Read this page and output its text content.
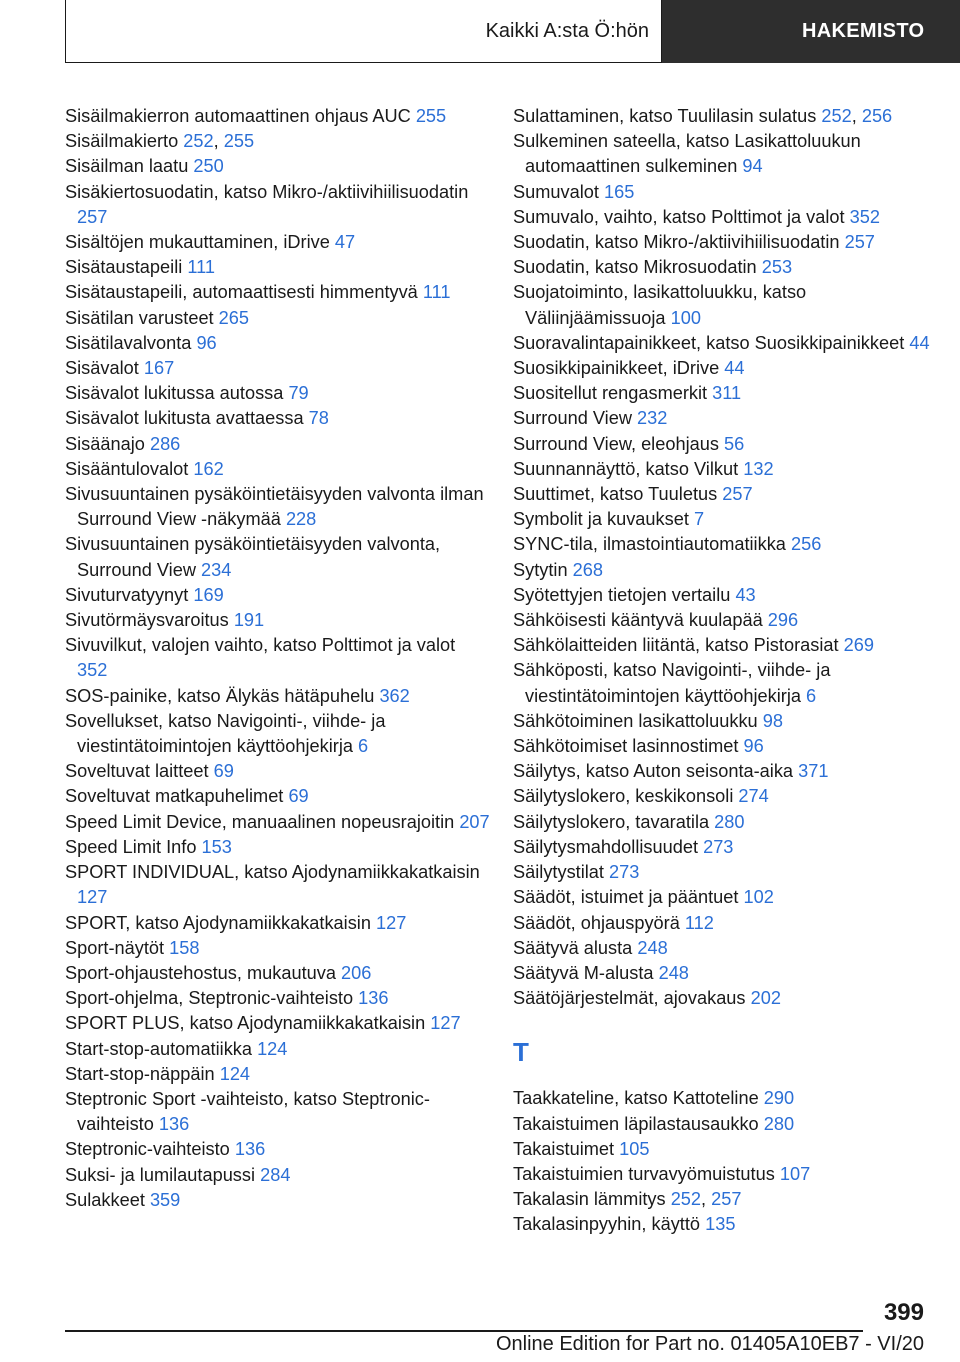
Kaikki A:sta Ö:hön	HAKEMISTO

Sisäilmakierron automaattinen ohjaus AUC 255

Sisäilmakierto 252, 255

Sisäilman laatu 250

Sisäkiertosuodatin, katso Mikro-/aktiivihiilisuodatin 257

Sisältöjen mukauttaminen, iDrive 47

Sisätaustapeili 111

Sisätaustapeili, automaattisesti himmentyvä 111

Sisätilan varusteet 265

Sisätilavalvonta 96

Sisävalot 167

Sisävalot lukitussa autossa 79

Sisävalot lukitusta avattaessa 78

Sisäänajo 286

Sisääntulovalot 162

Sivusuuntainen pysäköintietäisyyden valvonta ilman Surround View -näkymää 228

Sivusuuntainen pysäköintietäisyyden valvonta, Surround View 234

Sivuturvatyynyt 169

Sivutörmäysvaroitus 191

Sivuvilkut, valojen vaihto, katso Polttimot ja valot 352

SOS-painike, katso Älykäs hätäpuhelu 362

Sovellukset, katso Navigointi-, viihde- ja viestintätoimintojen käyttöohjekirja 6

Soveltuvat laitteet 69

Soveltuvat matkapuhelimet 69

Speed Limit Device, manuaalinen nopeusrajoitin 207

Speed Limit Info 153

SPORT INDIVIDUAL, katso Ajodynamiikkakatkaisin 127

SPORT, katso Ajodynamiikkakatkaisin 127

Sport-näytöt 158

Sport-ohjaustehostus, mukautuva 206

Sport-ohjelma, Steptronic-vaihteisto 136

SPORT PLUS, katso Ajodynamiikkakatkaisin 127

Start-stop-automatiikka 124

Start-stop-näppäin 124

Steptronic Sport -vaihteisto, katso Steptronic-vaihteisto 136

Steptronic-vaihteisto 136

Suksi- ja lumilautapussi 284

Sulakkeet 359

Sulattaminen, katso Tuulilasin sulatus 252, 256

Sulkeminen sateella, katso Lasikattoluukun automaattinen sulkeminen 94

Sumuvalot 165

Sumuvalo, vaihto, katso Polttimot ja valot 352

Suodatin, katso Mikro-/aktiivihiilisuodatin 257

Suodatin, katso Mikrosuodatin 253

Suojatoiminto, lasikattoluukku, katso Väliinjäämissuoja 100

Suoravalintapainikkeet, katso Suosikkipainikkeet 44

Suosikkipainikkeet, iDrive 44

Suositellut rengasmerkit 311

Surround View 232

Surround View, eleohjaus 56

Suunnannäyttö, katso Vilkut 132

Suuttimet, katso Tuuletus 257

Symbolit ja kuvaukset 7

SYNC-tila, ilmastointiautomatiikka 256

Sytytin 268

Syötettyjen tietojen vertailu 43

Sähköisesti kääntyvä kuulapää 296

Sähkölaitteiden liitäntä, katso Pistorasiat 269

Sähköposti, katso Navigointi-, viihde- ja viestintätoimintojen käyttöohjekirja 6

Sähkötoiminen lasikattoluukku 98

Sähkötoimiset lasinnostimet 96

Säilytys, katso Auton seisonta-aika 371

Säilytyslokero, keskikonsoli 274

Säilytyslokero, tavaratila 280

Säilytysmahdollisuudet 273

Säilytystilat 273

Säädöt, istuimet ja pääntuet 102

Säädöt, ohjauspyörä 112

Säätyvä alusta 248

Säätyvä M-alusta 248

Säätöjärjestelmät, ajovakaus 202

T

Taakkateline, katso Kattoteline 290

Takaistuimen läpilastausaukko 280

Takaistuimet 105

Takaistuimien turvavyömuistutus 107

Takalasin lämmitys 252, 257

Takalasinpyyhin, käyttö 135

399
Online Edition for Part no. 01405A10EB7 - VI/20
